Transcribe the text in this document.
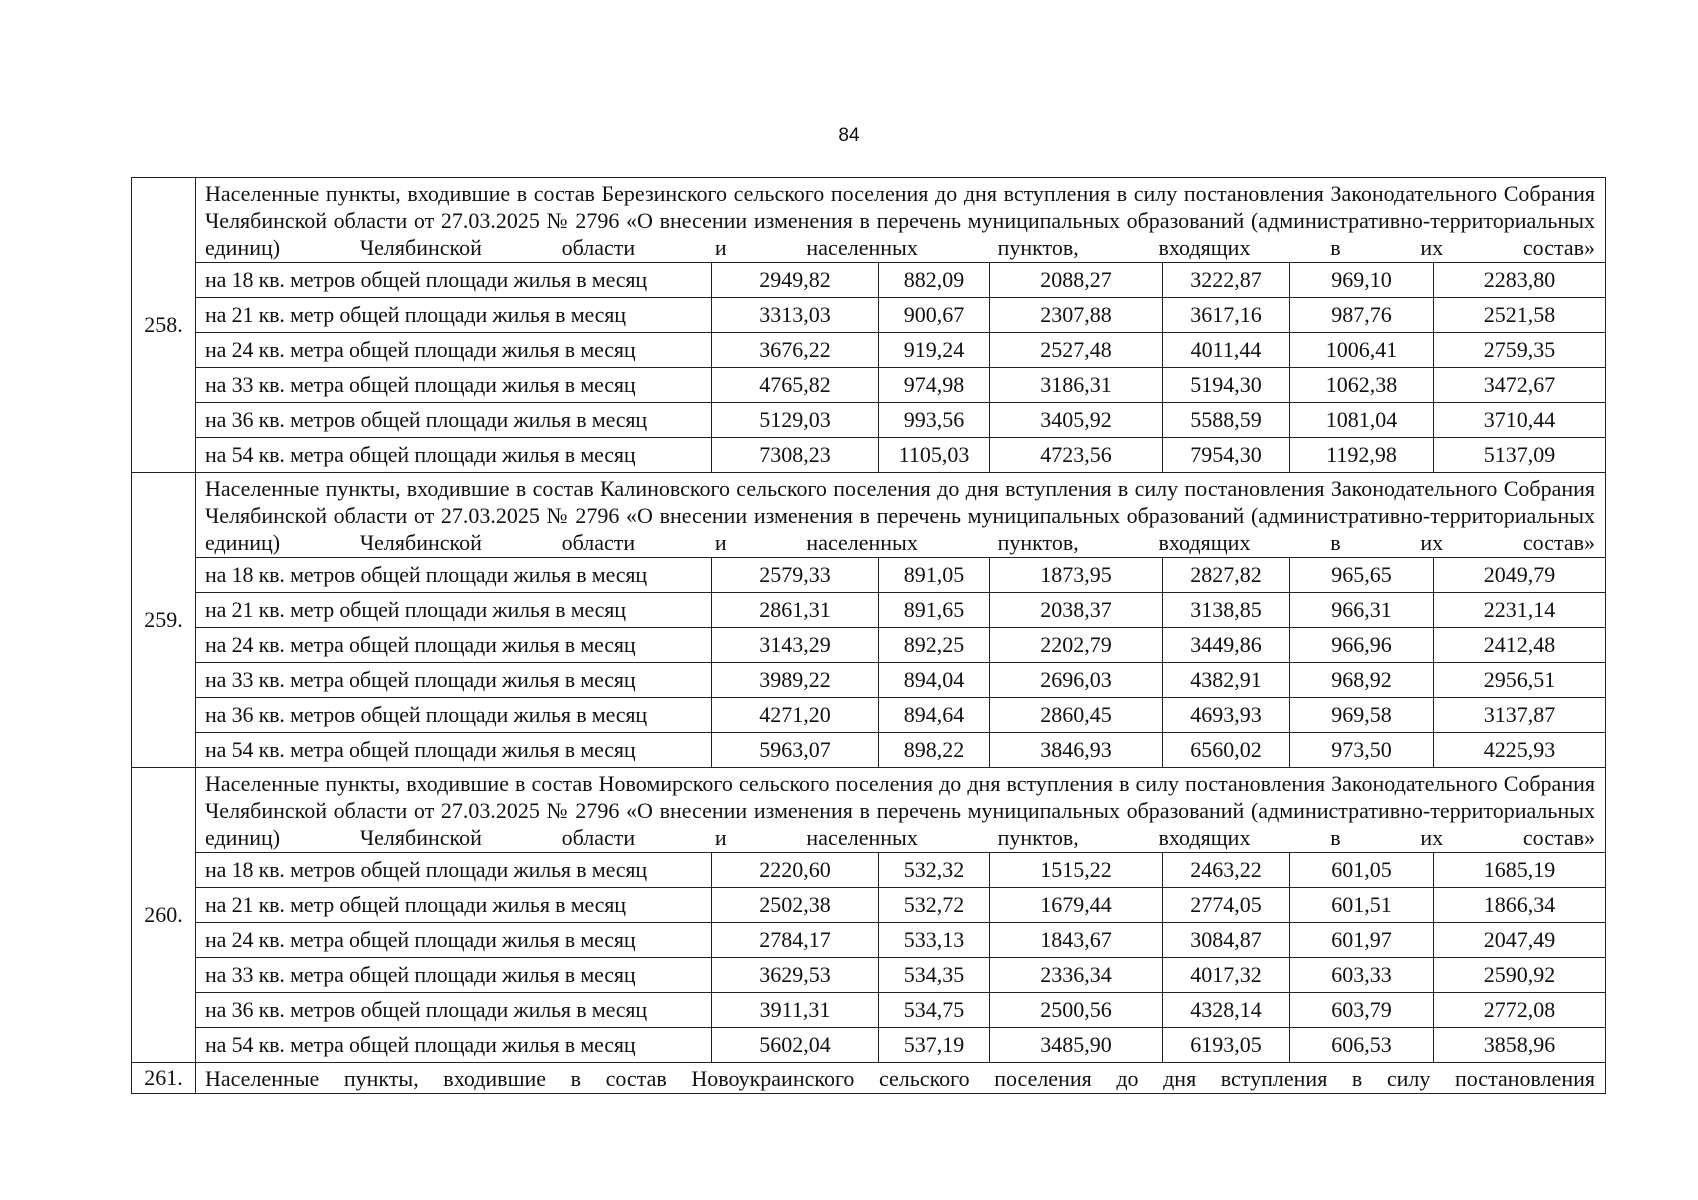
84
258.	Населенные пункты, входившие в состав Березинского сельского поселения до дня вступления в силу постановления Законодательного Собрания Челябинской области от 27.03.2025 № 2796 «О внесении изменения в перечень муниципальных образований (административно-территориальных единиц) Челябинской области и населенных пунктов, входящих в их состав»						
	на 18 кв. метров общей площади жилья в месяц	2949,82	882,09	2088,27	3222,87	969,10	2283,80
	на 21 кв. метр общей площади жилья в месяц	3313,03	900,67	2307,88	3617,16	987,76	2521,58
	на 24 кв. метра общей площади жилья в месяц	3676,22	919,24	2527,48	4011,44	1006,41	2759,35
	на 33 кв. метра общей площади жилья в месяц	4765,82	974,98	3186,31	5194,30	1062,38	3472,67
	на 36 кв. метров общей площади жилья в месяц	5129,03	993,56	3405,92	5588,59	1081,04	3710,44
	на 54 кв. метра общей площади жилья в месяц	7308,23	1105,03	4723,56	7954,30	1192,98	5137,09
259.	Населенные пункты, входившие в состав Калиновского сельского поселения до дня вступления в силу постановления Законодательного Собрания Челябинской области от 27.03.2025 № 2796 «О внесении изменения в перечень муниципальных образований (административно-территориальных единиц) Челябинской области и населенных пунктов, входящих в их состав»						
	на 18 кв. метров общей площади жилья в месяц	2579,33	891,05	1873,95	2827,82	965,65	2049,79
	на 21 кв. метр общей площади жилья в месяц	2861,31	891,65	2038,37	3138,85	966,31	2231,14
	на 24 кв. метра общей площади жилья в месяц	3143,29	892,25	2202,79	3449,86	966,96	2412,48
	на 33 кв. метра общей площади жилья в месяц	3989,22	894,04	2696,03	4382,91	968,92	2956,51
	на 36 кв. метров общей площади жилья в месяц	4271,20	894,64	2860,45	4693,93	969,58	3137,87
	на 54 кв. метра общей площади жилья в месяц	5963,07	898,22	3846,93	6560,02	973,50	4225,93
260.	Населенные пункты, входившие в состав Новомирского сельского поселения до дня вступления в силу постановления Законодательного Собрания Челябинской области от 27.03.2025 № 2796 «О внесении изменения в перечень муниципальных образований (административно-территориальных единиц) Челябинской области и населенных пунктов, входящих в их состав»						
	на 18 кв. метров общей площади жилья в месяц	2220,60	532,32	1515,22	2463,22	601,05	1685,19
	на 21 кв. метр общей площади жилья в месяц	2502,38	532,72	1679,44	2774,05	601,51	1866,34
	на 24 кв. метра общей площади жилья в месяц	2784,17	533,13	1843,67	3084,87	601,97	2047,49
	на 33 кв. метра общей площади жилья в месяц	3629,53	534,35	2336,34	4017,32	603,33	2590,92
	на 36 кв. метров общей площади жилья в месяц	3911,31	534,75	2500,56	4328,14	603,79	2772,08
	на 54 кв. метра общей площади жилья в месяц	5602,04	537,19	3485,90	6193,05	606,53	3858,96
261.	Населенные пункты, входившие в состав Новоукраинского сельского поселения до дня вступления в силу постановления						
